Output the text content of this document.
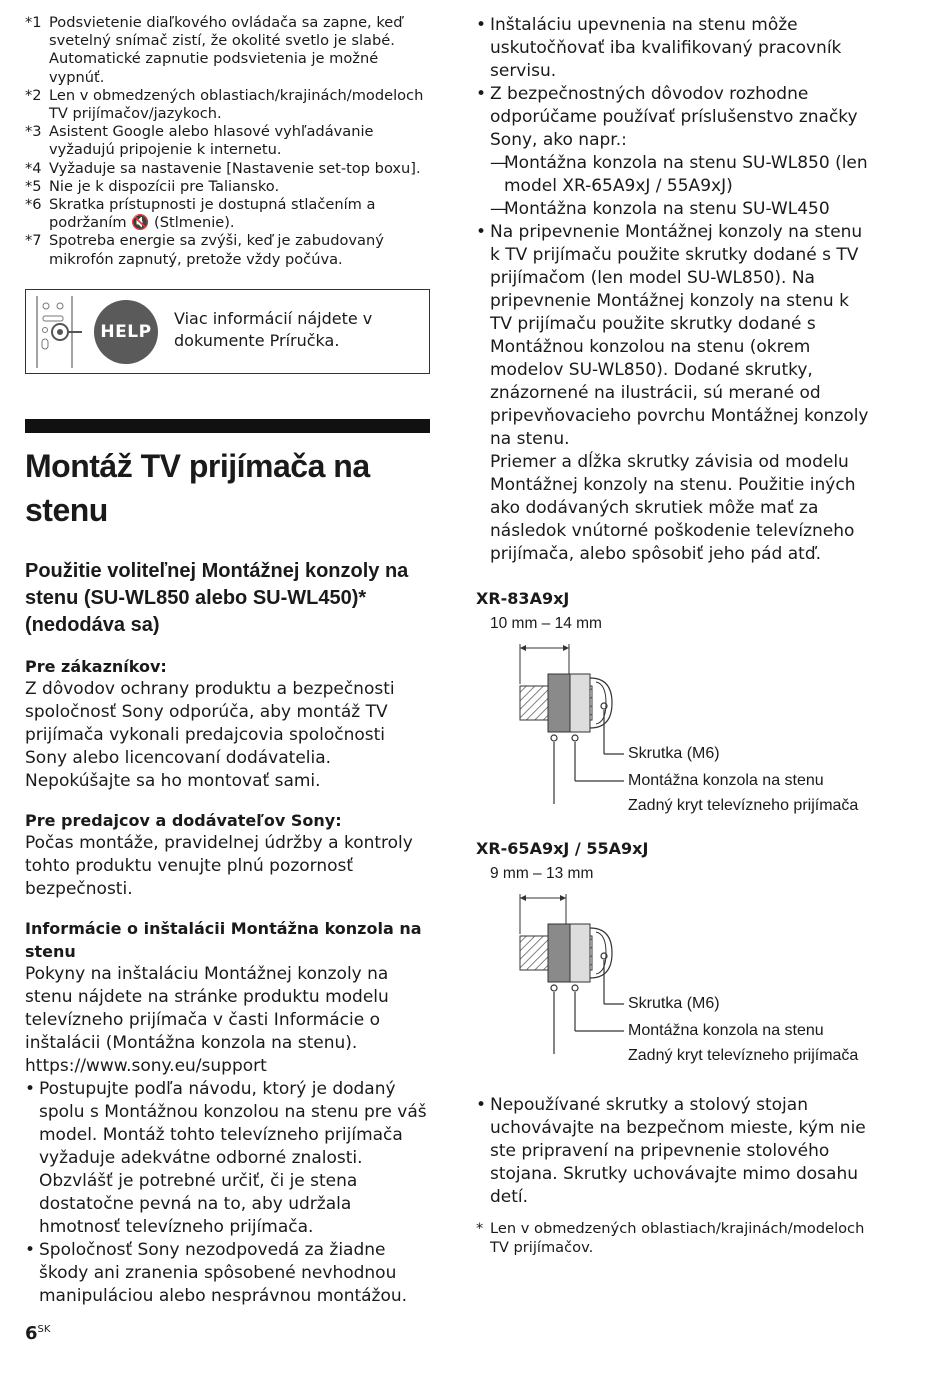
*1 Podsvietenie diaľkového ovládača sa zapne, keď svetelný snímač zistí, že okolité svetlo je slabé. Automatické zapnutie podsvietenia je možné vypnúť.
*2 Len v obmedzených oblastiach/krajinách/modeloch TV prijímačov/jazykoch.
*3 Asistent Google alebo hlasové vyhľadávanie vyžadujú pripojenie k internetu.
*4 Vyžaduje sa nastavenie [Nastavenie set-top boxu].
*5 Nie je k dispozícii pre Taliansko.
*6 Skratka prístupnosti je dostupná stlačením a podržaním 🔇 (Stlmenie).
*7 Spotreba energie sa zvýši, keď je zabudovaný mikrofón zapnutý, pretože vždy počúva.
HELP
Viac informácií nájdete v dokumente Príručka.
Montáž TV prijímača na stenu
Použitie voliteľnej Montážnej konzoly na stenu (SU-WL850 alebo SU-WL450)* (nedodáva sa)
Pre zákazníkov:
Z dôvodov ochrany produktu a bezpečnosti spoločnosť Sony odporúča, aby montáž TV prijímača vykonali predajcovia spoločnosti Sony alebo licencovaní dodávatelia. Nepokúšajte sa ho montovať sami.
Pre predajcov a dodávateľov Sony:
Počas montáže, pravidelnej údržby a kontroly tohto produktu venujte plnú pozornosť bezpečnosti.
Informácie o inštalácii Montážna konzola na stenu
Pokyny na inštaláciu Montážnej konzoly na stenu nájdete na stránke produktu modelu televízneho prijímača v časti Informácie o inštalácii (Montážna konzola na stenu).
https://www.sony.eu/support
• Postupujte podľa návodu, ktorý je dodaný spolu s Montážnou konzolou na stenu pre váš model. Montáž tohto televízneho prijímača vyžaduje adekvátne odborné znalosti. Obzvlášť je potrebné určiť, či je stena dostatočne pevná na to, aby udržala hmotnosť televízneho prijímača.
• Spoločnosť Sony nezodpovedá za žiadne škody ani zranenia spôsobené nevhodnou manipuláciou alebo nesprávnou montážou.
• Inštaláciu upevnenia na stenu môže uskutočňovať iba kvalifikovaný pracovník servisu.
• Z bezpečnostných dôvodov rozhodne odporúčame používať príslušenstvo značky Sony, ako napr.:
—
Montážna konzola na stenu SU-WL850 (len model XR-65A9xJ / 55A9xJ)
—
Montážna konzola na stenu SU-WL450
• Na pripevnenie Montážnej konzoly na stenu k TV prijímaču použite skrutky dodané s TV prijímačom (len model SU-WL850). Na pripevnenie Montážnej konzoly na stenu k TV prijímaču použite skrutky dodané s Montážnou konzolou na stenu (okrem modelov SU-WL850). Dodané skrutky, znázornené na ilustrácii, sú merané od pripevňovacieho povrchu Montážnej konzoly na stenu.
Priemer a dĺžka skrutky závisia od modelu Montážnej konzoly na stenu. Použitie iných ako dodávaných skrutiek môže mať za následok vnútorné poškodenie televízneho prijímača, alebo spôsobiť jeho pád atď.
XR-83A9xJ
10 mm – 14 mm
Skrutka (M6)
Montážna konzola na stenu
Zadný kryt televízneho prijímača
XR-65A9xJ / 55A9xJ
9 mm – 13 mm
Skrutka (M6)
Montážna konzola na stenu
Zadný kryt televízneho prijímača
• Nepoužívané skrutky a stolový stojan uchovávajte na bezpečnom mieste, kým nie ste pripravení na pripevnenie stolového stojana. Skrutky uchovávajte mimo dosahu detí.
* Len v obmedzených oblastiach/krajinách/modeloch TV prijímačov.
$6^{SK}$
